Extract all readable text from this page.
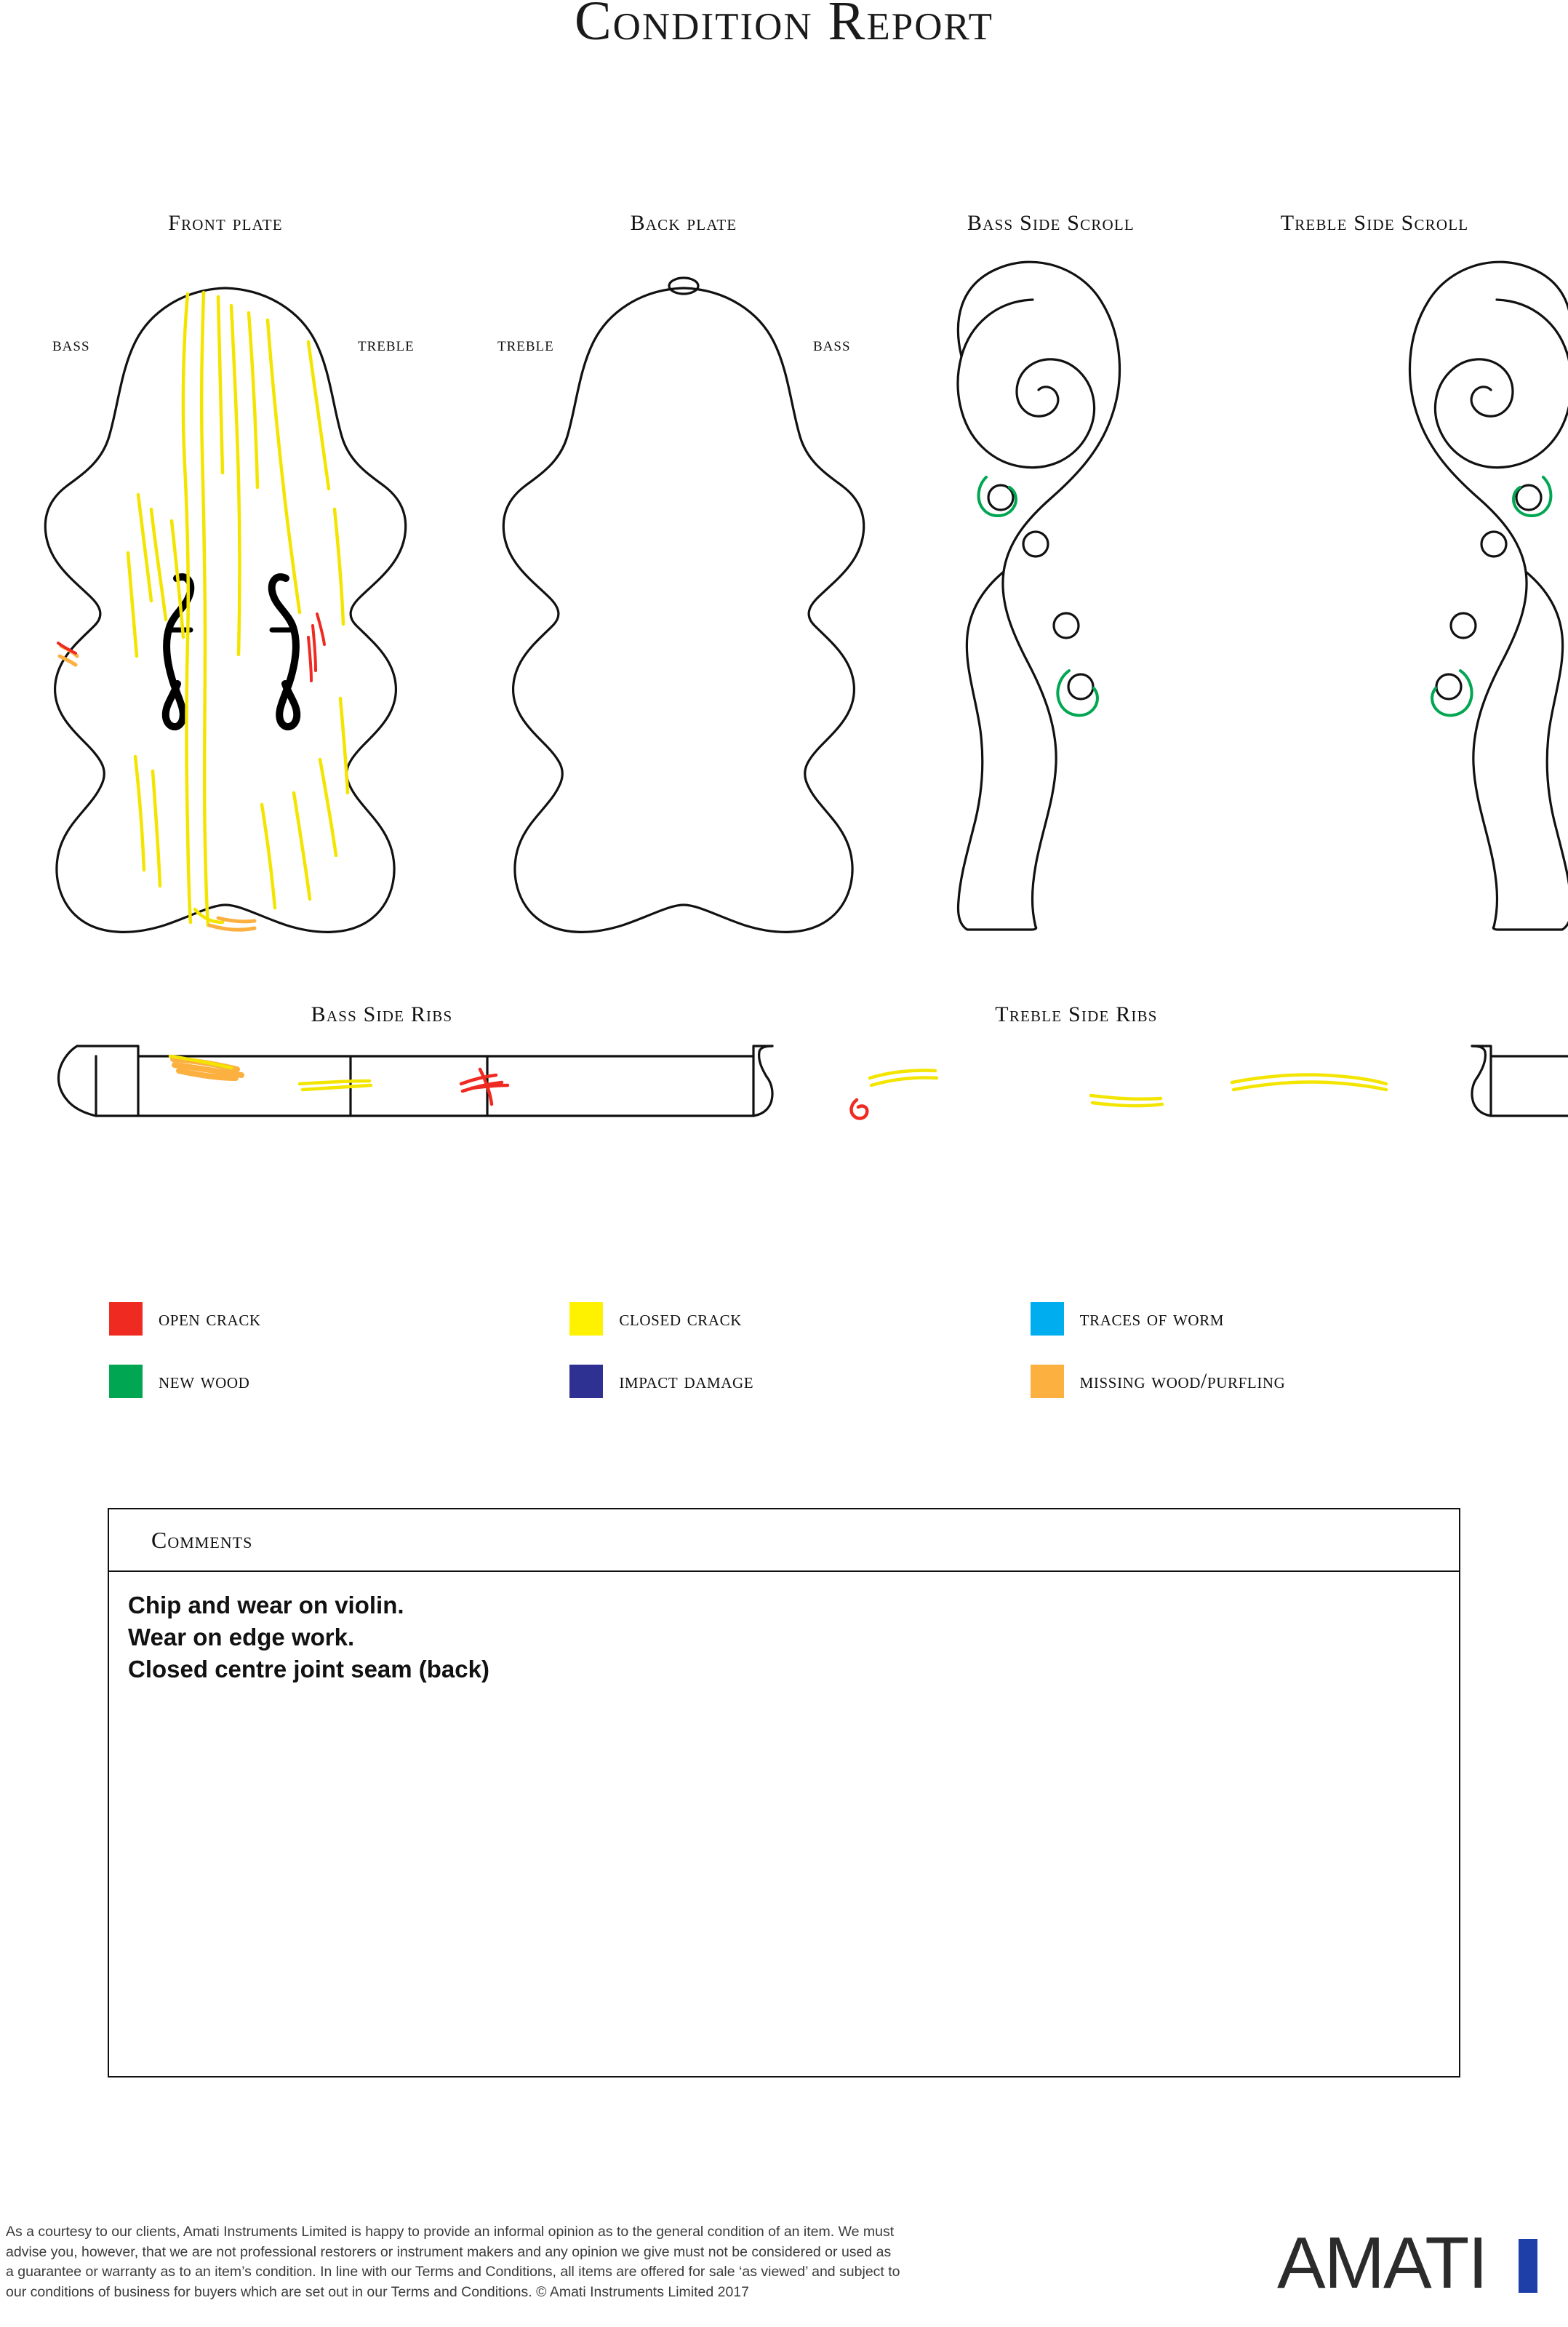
Condition Report
Front plate	Back plate	Bass Side Scroll	Treble Side Scroll
BASS	TREBLE	TREBLE	BASS
Bass Side Ribs	Treble Side Ribs
open crack	closed crack	traces of worm
new wood	impact damage	missing wood/purfling
Comments
Chip and wear on violin.
Wear on edge work.
Closed centre joint seam (back)
As a courtesy to our clients, Amati Instruments Limited is happy to provide an informal opinion as to the general condition of an item. We must
advise you, however, that we are not professional restorers or instrument makers and any opinion we give must not be considered or used as
a guarantee or warranty as to an item’s condition. In line with our Terms and Conditions, all items are offered for sale ‘as viewed’ and subject to
our conditions of business for buyers which are set out in our Terms and Conditions. © Amati Instruments Limited 2017	AMATI
